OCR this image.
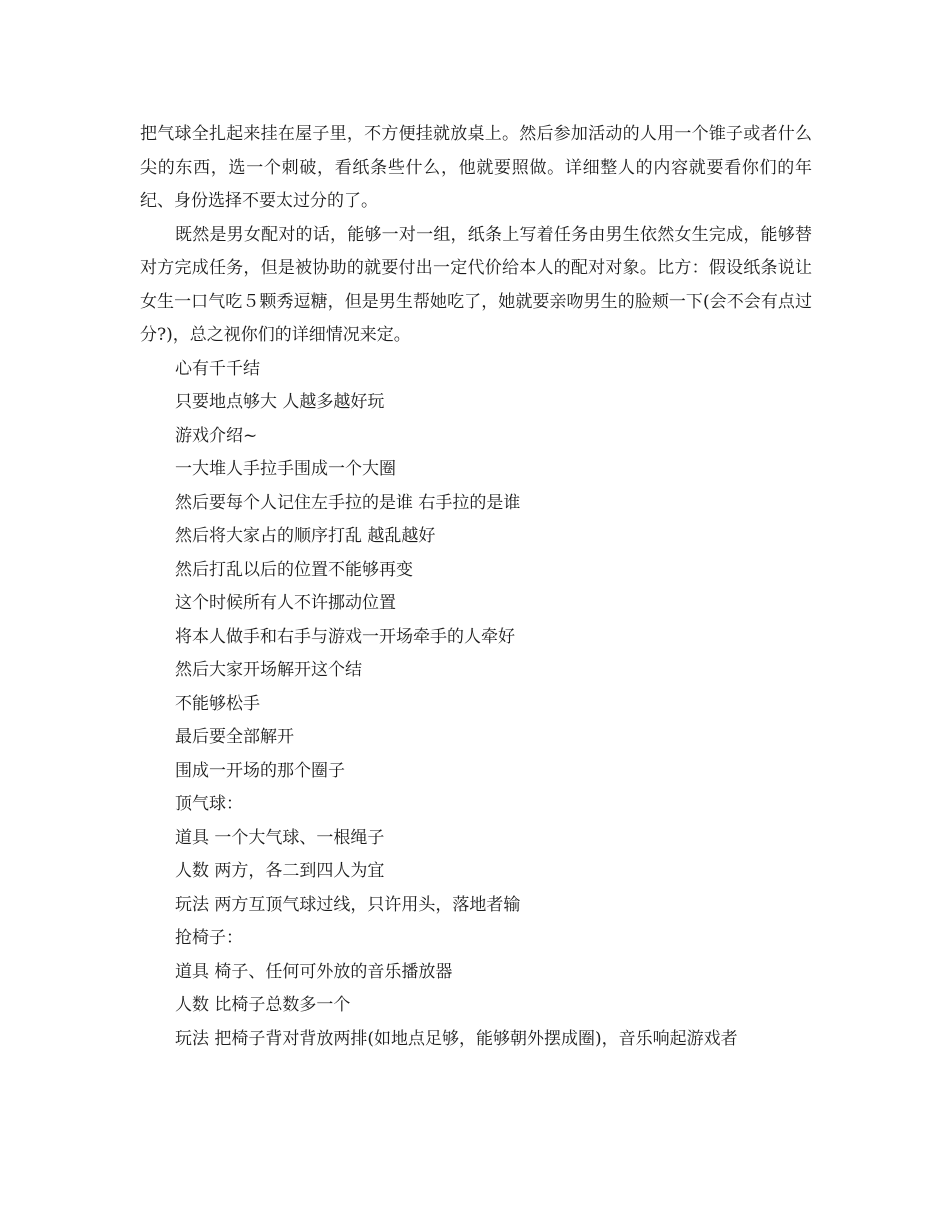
把气球全扎起来挂在屋子里，不方便挂就放桌上。然后参加活动的人用一个锥子或者什么尖的东西，选一个刺破，看纸条些什么，他就要照做。详细整人的内容就要看你们的年纪、身份选择不要太过分的了。

既然是男女配对的话，能够一对一组，纸条上写着任务由男生依然女生完成，能够替对方完成任务，但是被协助的就要付出一定代价给本人的配对对象。比方：假设纸条说让女生一口气吃５颗秀逗糖，但是男生帮她吃了，她就要亲吻男生的脸颊一下(会不会有点过分?)，总之视你们的详细情况来定。

心有千千结

只要地点够大 人越多越好玩

游戏介绍~

一大堆人手拉手围成一个大圈

然后要每个人记住左手拉的是谁 右手拉的是谁

然后将大家占的顺序打乱 越乱越好

然后打乱以后的位置不能够再变

这个时候所有人不许挪动位置

将本人做手和右手与游戏一开场牵手的人牵好

然后大家开场解开这个结

不能够松手

最后要全部解开

围成一开场的那个圈子

顶气球：

道具 一个大气球、一根绳子

人数 两方，各二到四人为宜

玩法 两方互顶气球过线，只许用头，落地者输

抢椅子：

道具 椅子、任何可外放的音乐播放器

人数 比椅子总数多一个

玩法 把椅子背对背放两排(如地点足够，能够朝外摆成圈)，音乐响起游戏者
